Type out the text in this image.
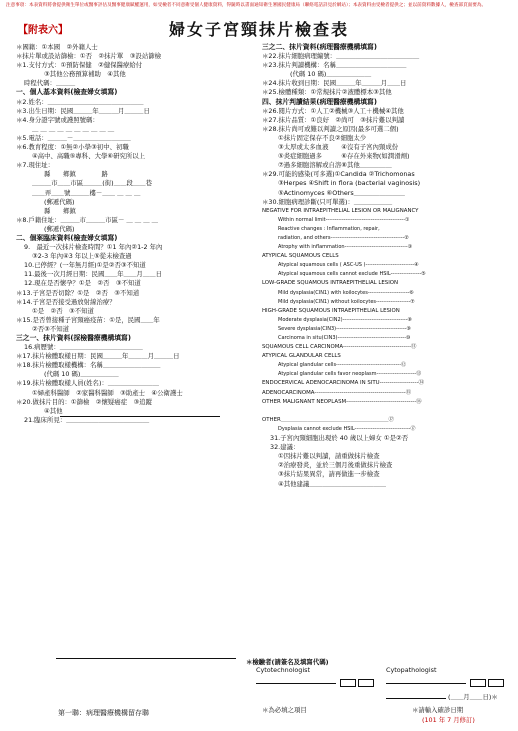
注意事項：本表資料將會提供衛生單位或醫事評估及醫事健康賦權運用，如受檢者不同意衛受個人健康資料，得隨時以書面通知衛生署國民健康局（聯絡電話詳見於網站）；本表資料由受檢者提供之；並以前資料數據人，檢查部頁面要為。
【附表六】	婦女子宮頸抹片檢查表
＊國籍：①本國　②外籍人士
＊抹片單或設站篩檢：①否　②抹片單　③設站篩檢
＊1.支付方式：①預防保健　②健保醫療給付
③其他公務預算補助　④其他
時程代碼：＿＿＿
一、個人基本資料(檢查婦女填寫)
＊2.姓名：＿＿＿＿＿＿＿＿＿＿＿＿＿＿＿
＊3.出生日期：民國＿＿＿年＿＿＿月＿＿＿日
＊4.身分證字號或護照號碼：
＿ ＿ ＿ ＿ ＿ ＿ ＿ ＿ ＿ ＿
＊5.電話：＿＿＿－＿＿＿＿＿＿＿＿＿
＊6.教育程度：①無②小學③初中、初職
④高中、高職⑤專科、大學⑥研究所以上
＊7.現住址：
縣　　鄉鎮　　　　路
＿＿＿市＿＿市區＿＿＿(街)＿＿段＿＿巷
＿＿弄＿＿號＿＿＿樓－＿＿ ＿ ＿ ＿
(郵遞代碼)
縣　　鄉鎮
＊8.戶籍住址：＿＿＿市＿＿＿市區－ ＿ ＿ ＿ ＿
(郵遞代碼)
二、個案臨床資料(檢查婦女填寫)
9.　最近一次抹片檢查時間？①1 年內②1-2 年內
③2-3 年內④3 年以上⑤從未檢查過
10.已停經？(一年無月經)①是②否③不知道
11.最後一次月經日期：民國＿＿年＿＿月＿＿日
12.現在是否懷孕？①是　②否　③不知道
＊13.子宮是否切除？①是　②否　③不知道
＊14.子宮是否接受過放射線治療？
①是　②否　③不知道
＊15.是否曾接種子宮頸癌疫苗：①是，民國＿＿年
②否③不知道
三之一、抹片資料(採檢醫療機構填寫)
16.病歷號：＿＿＿＿＿＿＿＿＿＿＿＿＿
＊17.抹片檢體取樣日期：民國＿＿＿年＿＿＿月＿＿＿日
＊18.抹片檢體取樣機構：名稱＿＿＿＿＿＿＿＿＿
(代碼 10 碼)＿＿＿＿＿＿
＊19.抹片檢體取樣人員(姓名)：＿＿＿＿＿＿＿＿
①婦產科醫師　②家醫科醫師　③助產士　④公衛護士
＊20.做抹片目的：①篩檢　②懷疑癌症　③追蹤
④其他
21.臨床所見：＿＿＿＿＿＿＿＿＿＿＿＿＿
三之二、抹片資料(病理醫療機構填寫)
＊22.抹片細胞病理編號：＿＿＿＿＿＿＿＿＿＿＿＿＿
＊23.抹片判讀機構：名稱＿＿＿＿＿＿＿＿＿＿＿
(代碼 10 碼)＿＿＿＿＿＿＿
＊24.抹片收到日期：民國＿＿＿年＿＿＿月＿＿日
＊25.檢體種類：①常規抹片②液體標本③其他
四、抹片判讀結果(病理醫療機構填寫)
＊26.閱片方式：①人工②機械③人工＋機械④其他
＊27.抹片品質：①良好　②尚可　③抹片難以判讀
＊28.抹片尚可或難以判讀之原因(最多可選二個)
①抹片固定保存不良②細胞太少
③太厚或太多血液　　④沒有子宮內頸成份
⑤炎症細胞過多　　　⑥存在外來物(如潤滑劑)
⑦過多細胞溶解或自溶⑧其他＿＿＿＿＿
＊29.可能的感染(可多選)①Candida ②Trichomonas
③Herpes ④Shift in flora (bacterial vaginosis)
⑤Actinomyces ⑥Others＿＿＿＿＿＿＿＿
＊30.細胞病理診斷(只可單選)：＿＿＿＿＿＿
NEGATIVE FOR INTRAEPITHELIAL LESION OR MALIGNANCY
Within normal limit--------------------------------------------①
Reactive changes : Inflammation, repair,
radiation, and others-----------------------------------------②
Atrophy with inflammation-----------------------------------③
ATYPICAL SQUAMOUS CELLS
Atypical squamous cells ( ASC-US )---------------------------④
Atypical squamous cells cannot exclude HSIL-----------------⑤
LOW-GRADE SQUAMOUS INTRAEPITHELIAL LESION
Mild dysplasia(CIN1) with koilocytes-----------------------⑥
Mild dysplasia(CIN1) without koilocytes-------------------⑦
HIGH-GRADE SQUAMOUS INTRAEPITHELIAL LESION
Moderate dysplasia(CIN2)------------------------------------⑧
Severe dysplasia(CIN3)---------------------------------------⑨
Carcinoma in situ(CIN3)--------------------------------------⑩
SQUAMOUS CELL CARCINOMA-----------------------------------⑪
ATYPICAL GLANDULAR CELLS
Atypical glandular cells------------------------------------⑫
Atypical glandular cells favor neoplasm----------------------⑬
ENDOCERVICAL ADENOCARCINOMA IN SITU--------------------⑭
ADENOCARCINOMA-----------------------------------------------⑮
OTHER MALIGNANT NEOPLASM------------------------------------⑯
OTHER＿＿＿＿＿＿＿＿＿＿＿＿＿＿＿＿＿＿＿＿⑰
Dysplasia cannot exclude HSIL-------------------------------⑰
31.子宮內頸細胞出現於 40 歲以上婦女 ①是②否
32.建議：
①因抹片難以判讀，請重做抹片檢查
②治療發炎，並於三個月後重做抹片檢查
③抹片結果異常，請再做進一步檢查
④其他建議＿＿＿＿＿＿＿＿＿＿＿＿
＊檢驗者(請簽名及填寫代碼)
Cytotechnologist	Cytopathologist
(＿＿月＿＿日)＊
＊為必填之項目	＊請輸入確診日期
(101 年 7 月修訂)
第一聯：病理醫療機構留存聯
